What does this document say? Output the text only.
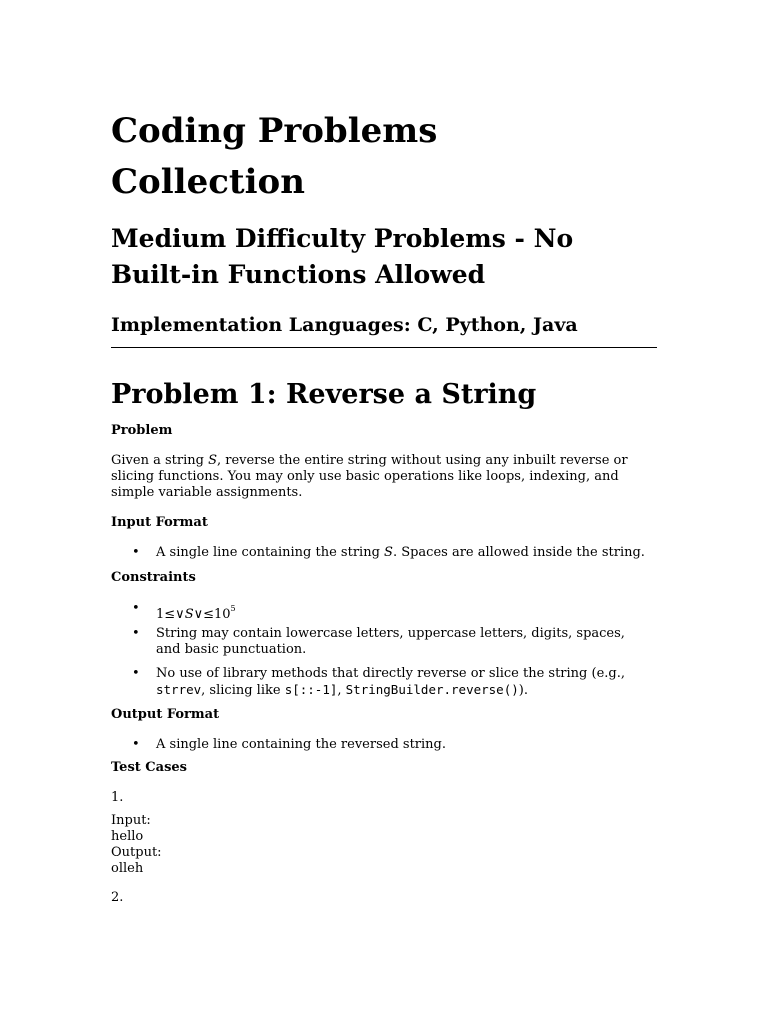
Coding Problems
Collection
Medium Difficulty Problems - No
Built-in Functions Allowed
Implementation Languages: C, Python, Java
Problem 1: Reverse a String
Problem
Given a string S, reverse the entire string without using any inbuilt reverse or
slicing functions. You may only use basic operations like loops, indexing, and
simple variable assignments.
Input Format
• A single line containing the string S. Spaces are allowed inside the string.
Constraints
• $1\le\vee S\vee\le 10^5$
• String may contain lowercase letters, uppercase letters, digits, spaces,
and basic punctuation.
• No use of library methods that directly reverse or slice the string (e.g.,
strrev, slicing like s[::-1], StringBuilder.reverse()).
Output Format
• A single line containing the reversed string.
Test Cases
1.
Input:
hello
Output:
olleh
2.
